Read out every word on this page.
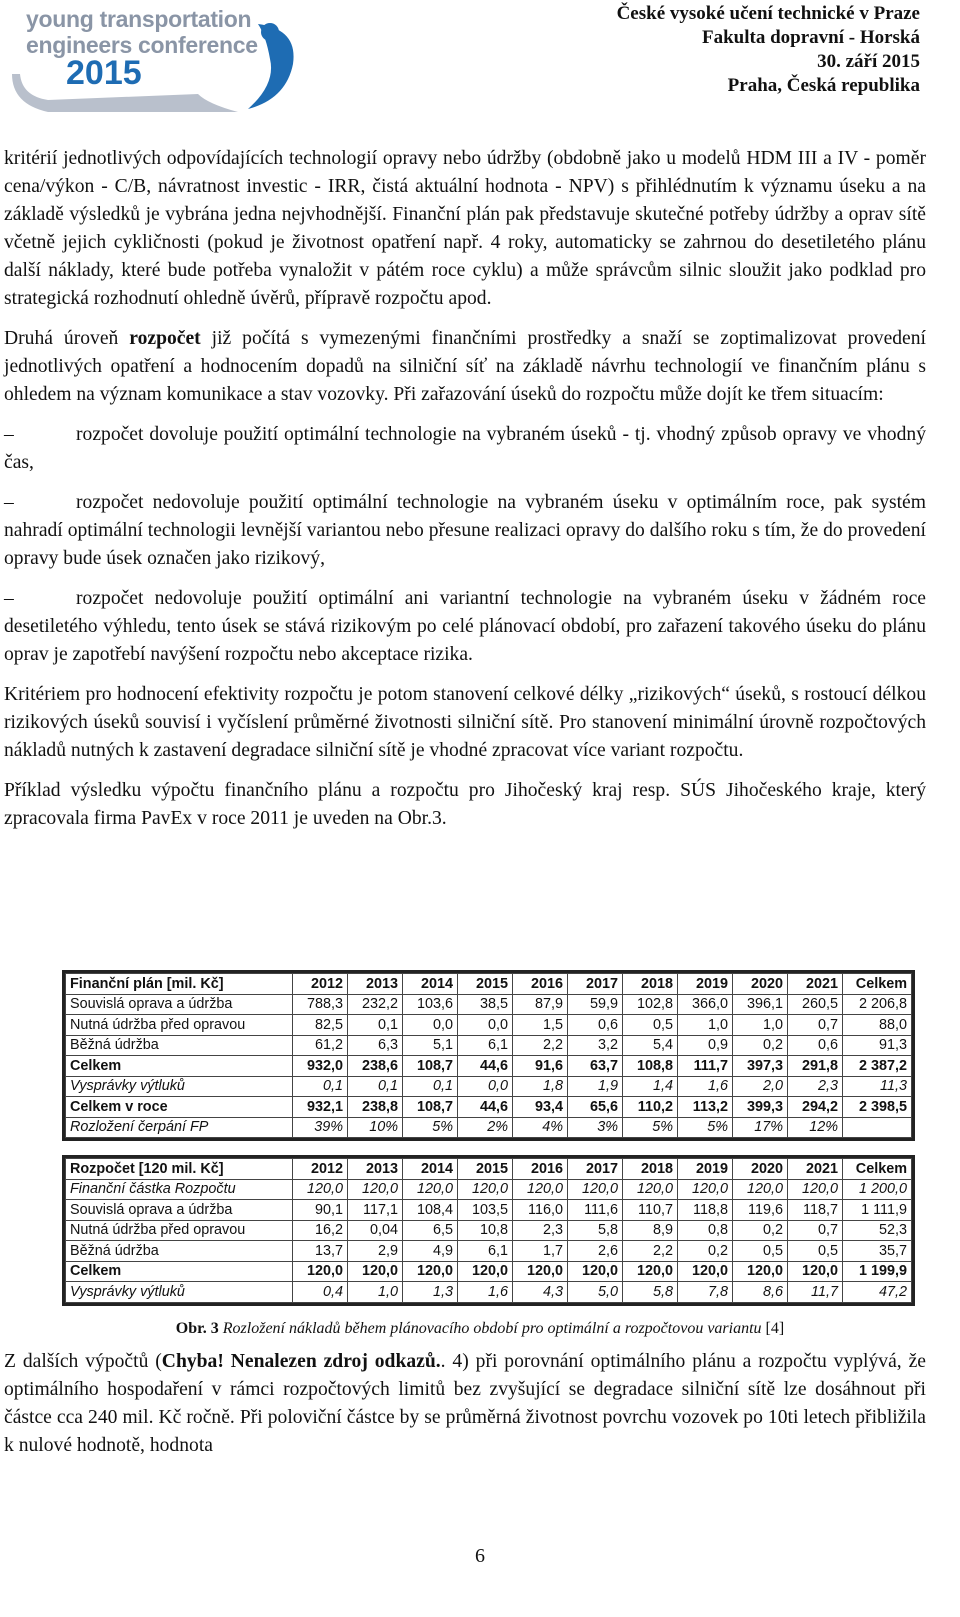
young transportation
engineers conference
2015
České vysoké učení technické v Praze
Fakulta dopravní - Horská
30. září 2015
Praha, Česká republika

kritérií jednotlivých odpovídajících technologií opravy nebo údržby (obdobně jako u modelů HDM III a IV - poměr cena/výkon - C/B, návratnost investic - IRR, čistá aktuální hodnota - NPV) s přihlédnutím k významu úseku a na základě výsledků je vybrána jedna nejvhodnější. Finanční plán pak představuje skutečné potřeby údržby a oprav sítě včetně jejich cykličnosti (pokud je životnost opatření např. 4 roky, automaticky se zahrnou do desetiletého plánu další náklady, které bude potřeba vynaložit v pátém roce cyklu) a může správcům silnic sloužit jako podklad pro strategická rozhodnutí ohledně úvěrů, přípravě rozpočtu apod.

Druhá úroveň rozpočet již počítá s vymezenými finančními prostředky a snaží se zoptimalizovat provedení jednotlivých opatření a hodnocením dopadů na silniční síť na základě návrhu technologií ve finančním plánu s ohledem na význam komunikace a stav vozovky. Při zařazování úseků do rozpočtu může dojít ke třem situacím:

–	rozpočet dovoluje použití optimální technologie na vybraném úseků - tj. vhodný způsob opravy ve vhodný čas,

–	rozpočet nedovoluje použití optimální technologie na vybraném úseku v optimálním roce, pak systém nahradí optimální technologii levnější variantou nebo přesune realizaci opravy do dalšího roku s tím, že do provedení opravy bude úsek označen jako rizikový,

–	rozpočet nedovoluje použití optimální ani variantní technologie na vybraném úseku v žádném roce desetiletého výhledu, tento úsek se stává rizikovým po celé plánovací období, pro zařazení takového úseku do plánu oprav je zapotřebí navýšení rozpočtu nebo akceptace rizika.

Kritériem pro hodnocení efektivity rozpočtu je potom stanovení celkové délky „rizikových“ úseků, s rostoucí délkou rizikových úseků souvisí i vyčíslení průměrné životnosti silniční sítě. Pro stanovení minimální úrovně rozpočtových nákladů nutných k zastavení degradace silniční sítě je vhodné zpracovat více variant rozpočtu.

Příklad výsledku výpočtu finančního plánu a rozpočtu pro Jihočeský kraj resp. SÚS Jihočeského kraje, který zpracovala firma PavEx v roce 2011 je uveden na Obr.3.

Finanční plán [mil. Kč]	2012	2013	2014	2015	2016	2017	2018	2019	2020	2021	Celkem
Souvislá oprava a údržba	788,3	232,2	103,6	38,5	87,9	59,9	102,8	366,0	396,1	260,5	2 206,8
Nutná údržba před opravou	82,5	0,1	0,0	0,0	1,5	0,6	0,5	1,0	1,0	0,7	88,0
Běžná údržba	61,2	6,3	5,1	6,1	2,2	3,2	5,4	0,9	0,2	0,6	91,3
Celkem	932,0	238,6	108,7	44,6	91,6	63,7	108,8	111,7	397,3	291,8	2 387,2
Vysprávky výtluků	0,1	0,1	0,1	0,0	1,8	1,9	1,4	1,6	2,0	2,3	11,3
Celkem v roce	932,1	238,8	108,7	44,6	93,4	65,6	110,2	113,2	399,3	294,2	2 398,5
Rozložení čerpání FP	39%	10%	5%	2%	4%	3%	5%	5%	17%	12%	
Rozpočet [120 mil. Kč]	2012	2013	2014	2015	2016	2017	2018	2019	2020	2021	Celkem
Finanční částka Rozpočtu	120,0	120,0	120,0	120,0	120,0	120,0	120,0	120,0	120,0	120,0	1 200,0
Souvislá oprava a údržba	90,1	117,1	108,4	103,5	116,0	111,6	110,7	118,8	119,6	118,7	1 111,9
Nutná údržba před opravou	16,2	0,04	6,5	10,8	2,3	5,8	8,9	0,8	0,2	0,7	52,3
Běžná údržba	13,7	2,9	4,9	6,1	1,7	2,6	2,2	0,2	0,5	0,5	35,7
Celkem	120,0	120,0	120,0	120,0	120,0	120,0	120,0	120,0	120,0	120,0	1 199,9
Vysprávky výtluků	0,4	1,0	1,3	1,6	4,3	5,0	5,8	7,8	8,6	11,7	47,2
Obr. 3 Rozložení nákladů během plánovacího období pro optimální a rozpočtovou variantu [4]
Z dalších výpočtů (Chyba! Nenalezen zdroj odkazů.. 4) při porovnání optimálního plánu a rozpočtu vyplývá, že optimálního hospodaření v rámci rozpočtových limitů bez zvyšující se degradace silniční sítě lze dosáhnout při částce cca 240 mil. Kč ročně. Při poloviční částce by se průměrná životnost povrchu vozovek po 10ti letech přibližila k nulové hodnotě, hodnota
6
